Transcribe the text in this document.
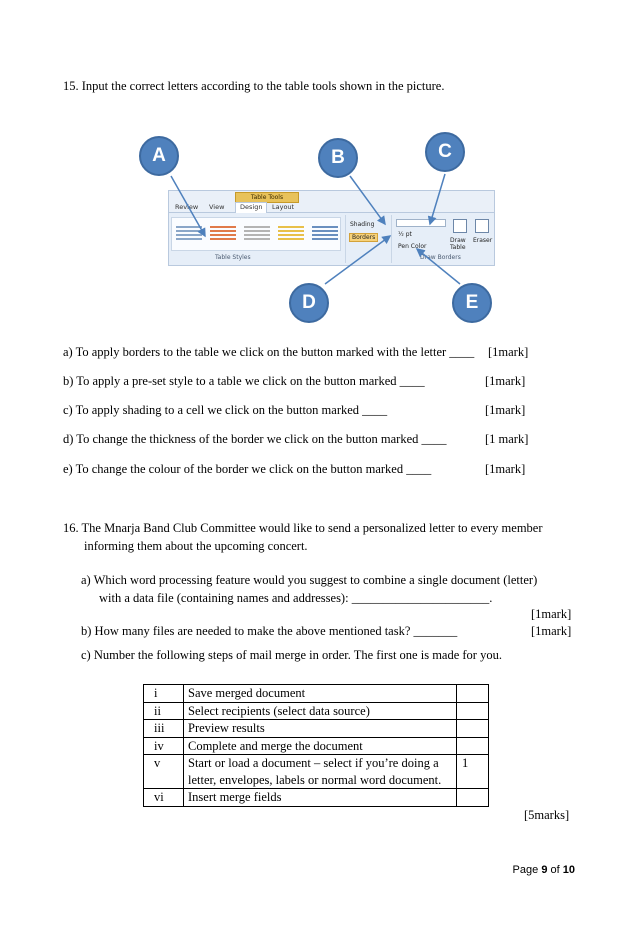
15. Input the correct letters according to the table tools shown in the picture.
Table Tools
Review View	Design	Layout
Table Styles
Shading
Borders	½ pt
Pen Color
Draw Table
Eraser
Draw Borders
A	B	C
D	E
a) To apply borders to the table we click on the button marked with the letter ____ [1mark]
b) To apply a pre-set style to a table we click on the button marked ____	[1mark]
c) To apply shading to a cell we click on the button marked ____	[1mark]
d) To change the thickness of the border we click on the button marked ____	[1 mark]
e) To change the colour of the border we click on the button marked ____	[1mark]
16. The Mnarja Band Club Committee would like to send a personalized letter to every member
informing them about the upcoming concert.
a) Which word processing feature would you suggest to combine a single document (letter)
with a data file (containing names and addresses): ______________________.
[1mark]
b) How many files are needed to make the above mentioned task? _______	[1mark]
c) Number the following steps of mail merge in order. The first one is made for you.
i	Save merged document	
ii	Select recipients (select data source)	
iii	Preview results	
iv	Complete and merge the document	
v	Start or load a document – select if you’re doing a
letter, envelopes, labels or normal word document.	1
vi	Insert merge fields	
[5marks]
Page 9 of 10
